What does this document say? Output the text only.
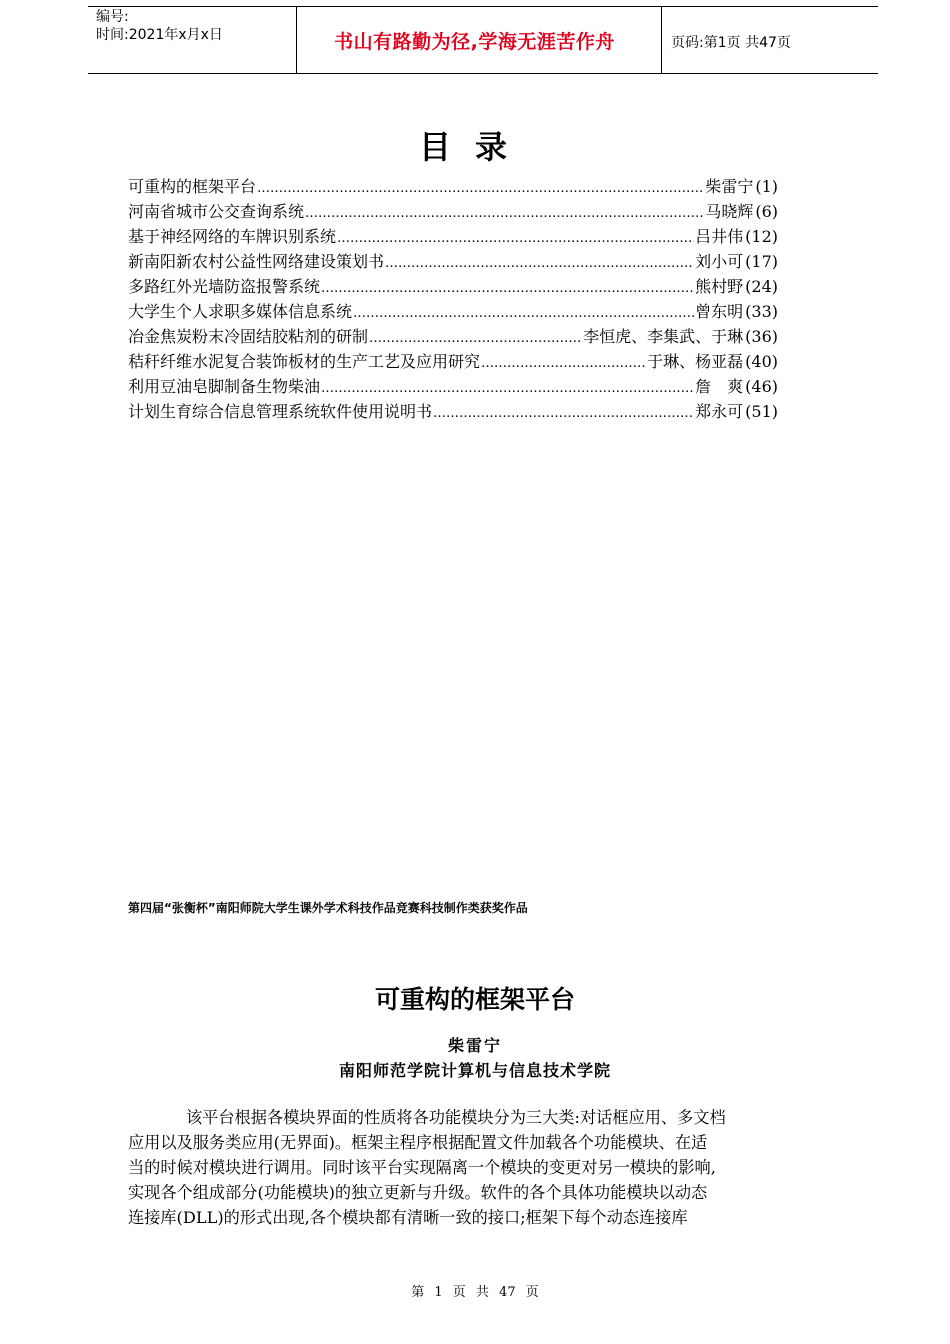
编号:
时间:2021年x月x日	书山有路勤为径,学海无涯苦作舟	页码:第1页 共47页
目录
可重构的框架平台 …………………………………………………………………………………………………………………………………………	柴雷宁 (1)
河南省城市公交查询系统 …………………………………………………………………………………………………………………………………………	马晓辉 (6)
基于神经网络的车牌识别系统 …………………………………………………………………………………………………………………………………………	吕井伟 (12)
新南阳新农村公益性网络建设策划书 …………………………………………………………………………………………………………………………………………	刘小可 (17)
多路红外光墙防盗报警系统 …………………………………………………………………………………………………………………………………………	熊村野 (24)
大学生个人求职多媒体信息系统 …………………………………………………………………………………………………………………………………………	曾东明 (33)
冶金焦炭粉末冷固结胶粘剂的研制 …………………………………………………………………………………………………………………………………………	李恒虎、李集武、于琳 (36)
秸秆纤维水泥复合装饰板材的生产工艺及应用研究 …………………………………………………………………………………………………………………………………………	于琳、杨亚磊 (40)
利用豆油皂脚制备生物柴油 …………………………………………………………………………………………………………………………………………	詹　爽 (46)
计划生育综合信息管理系统软件使用说明书 …………………………………………………………………………………………………………………………………………	郑永可 (51)
第四届“张衡杯”南阳师院大学生课外学术科技作品竞赛科技制作类获奖作品
可重构的框架平台
柴雷宁
南阳师范学院计算机与信息技术学院
该平台根据各模块界面的性质将各功能模块分为三大类:对话框应用、多文档
应用以及服务类应用(无界面)。框架主程序根据配置文件加载各个功能模块、在适
当的时候对模块进行调用。同时该平台实现隔离一个模块的变更对另一模块的影响,
实现各个组成部分(功能模块)的独立更新与升级。软件的各个具体功能模块以动态
连接库(DLL)的形式出现,各个模块都有清晰一致的接口;框架下每个动态连接库
第 1 页 共 47 页
